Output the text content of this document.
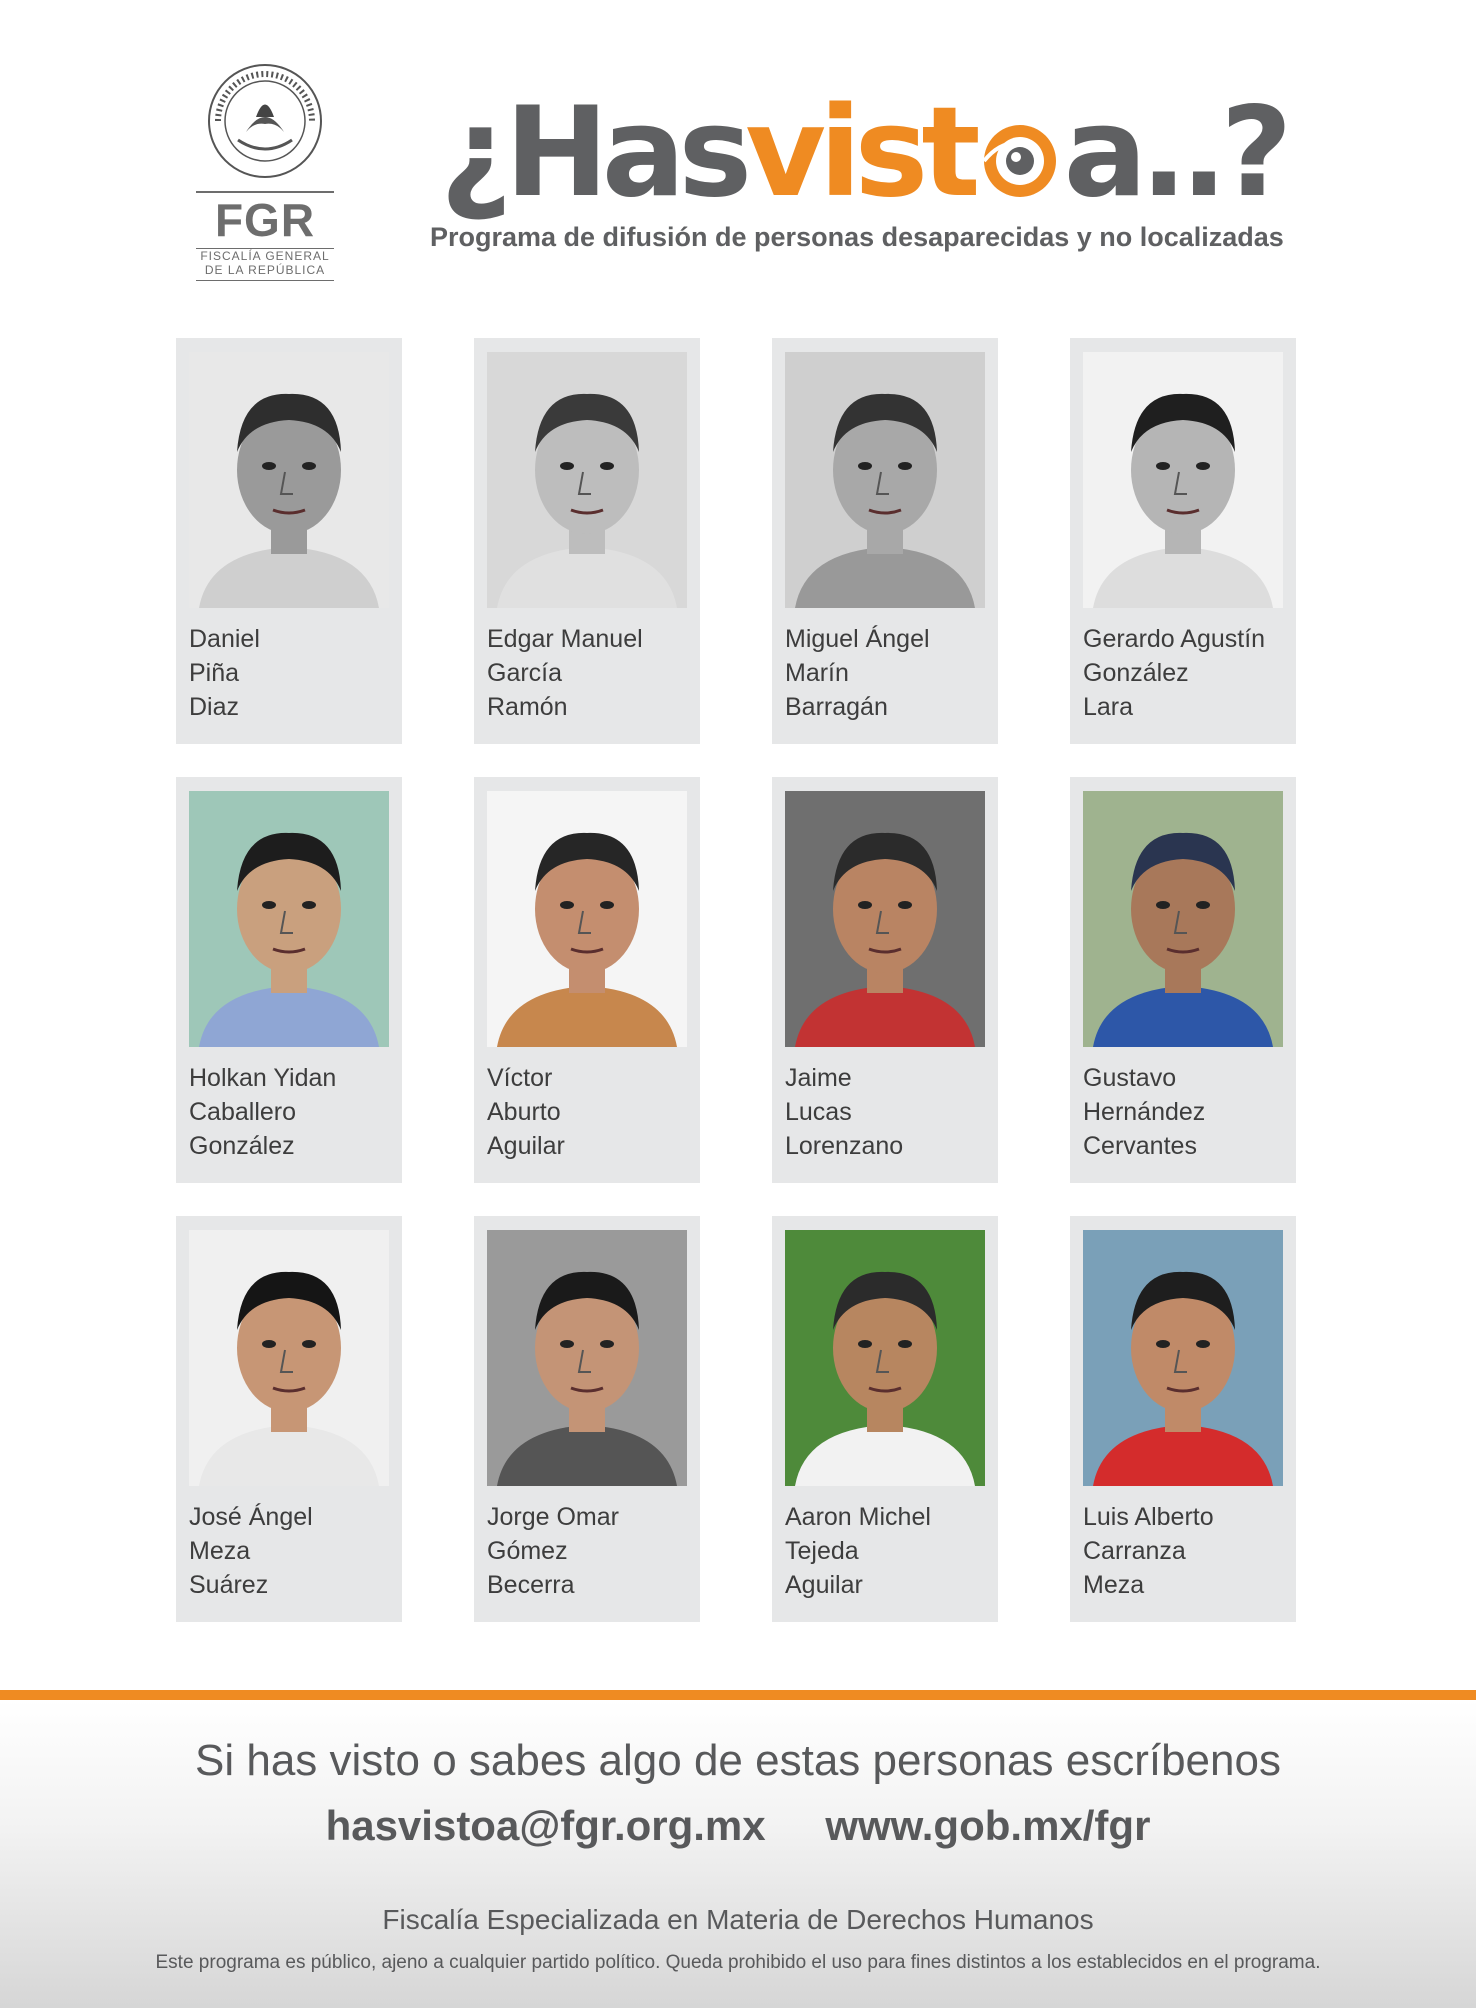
FGR
FISCALÍA GENERAL
DE LA REPÚBLICA
¿Hasvist a..?
Programa de difusión de personas desaparecidas y no localizadas
Daniel
Piña
Diaz
Edgar Manuel
García
Ramón
Miguel Ángel
Marín
Barragán
Gerardo Agustín
González
Lara
Holkan Yidan
Caballero
González
Víctor
Aburto
Aguilar
Jaime
Lucas
Lorenzano
Gustavo
Hernández
Cervantes
José Ángel
Meza
Suárez
Jorge Omar
Gómez
Becerra
Aaron Michel
Tejeda
Aguilar
Luis Alberto
Carranza
Meza
Si has visto o sabes algo de estas personas escríbenos
hasvistoa@fgr.org.mx www.gob.mx/fgr
Fiscalía Especializada en Materia de Derechos Humanos
Este programa es público, ajeno a cualquier partido político. Queda prohibido el uso para fines distintos a los establecidos en el programa.
